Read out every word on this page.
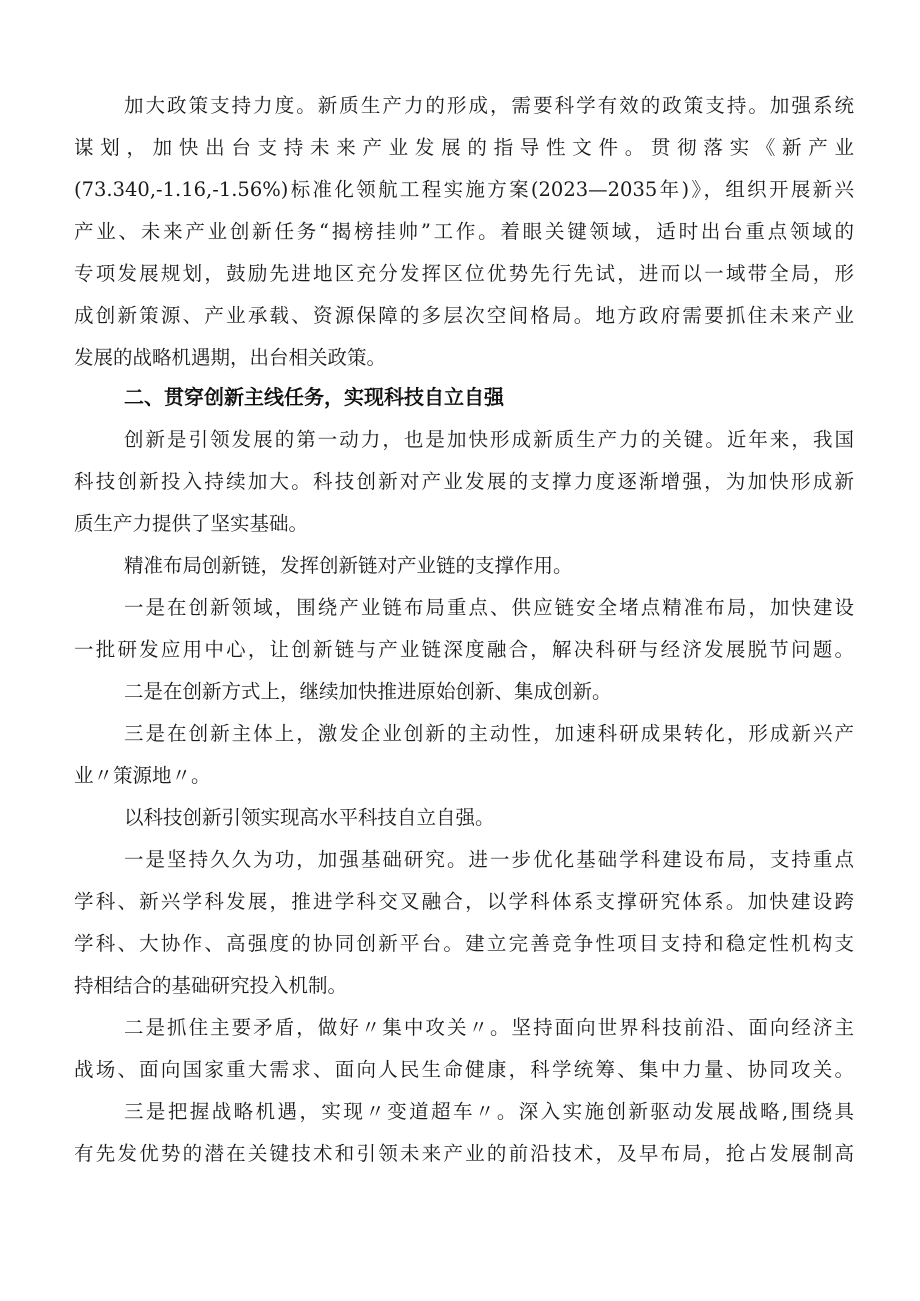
加大政策支持力度。新质生产力的形成，需要科学有效的政策支持。加强系统
谋划，加快出台支持未来产业发展的指导性文件。贯彻落实《新产业
(73.340,-1.16,-1.56%)标准化领航工程实施方案(2023—2035年)》，组织开展新兴
产业、未来产业创新任务“揭榜挂帅”工作。着眼关键领域，适时出台重点领域的
专项发展规划，鼓励先进地区充分发挥区位优势先行先试，进而以一域带全局，形
成创新策源、产业承载、资源保障的多层次空间格局。地方政府需要抓住未来产业
发展的战略机遇期，出台相关政策。
二、贯穿创新主线任务，实现科技自立自强
创新是引领发展的第一动力，也是加快形成新质生产力的关键。近年来，我国
科技创新投入持续加大。科技创新对产业发展的支撑力度逐渐增强，为加快形成新
质生产力提供了坚实基础。
精准布局创新链，发挥创新链对产业链的支撑作用。
一是在创新领域，围绕产业链布局重点、供应链安全堵点精准布局，加快建设
一批研发应用中心，让创新链与产业链深度融合，解决科研与经济发展脱节问题。
二是在创新方式上，继续加快推进原始创新、集成创新。
三是在创新主体上，激发企业创新的主动性，加速科研成果转化，形成新兴产
业〃策源地〃。
以科技创新引领实现高水平科技自立自强。
一是坚持久久为功，加强基础研究。进一步优化基础学科建设布局，支持重点
学科、新兴学科发展，推进学科交叉融合，以学科体系支撑研究体系。加快建设跨
学科、大协作、高强度的协同创新平台。建立完善竞争性项目支持和稳定性机构支
持相结合的基础研究投入机制。
二是抓住主要矛盾，做好〃集中攻关〃。坚持面向世界科技前沿、面向经济主
战场、面向国家重大需求、面向人民生命健康，科学统筹、集中力量、协同攻关。
三是把握战略机遇，实现〃变道超车〃。深入实施创新驱动发展战略,围绕具
有先发优势的潜在关键技术和引领未来产业的前沿技术，及早布局，抢占发展制高
